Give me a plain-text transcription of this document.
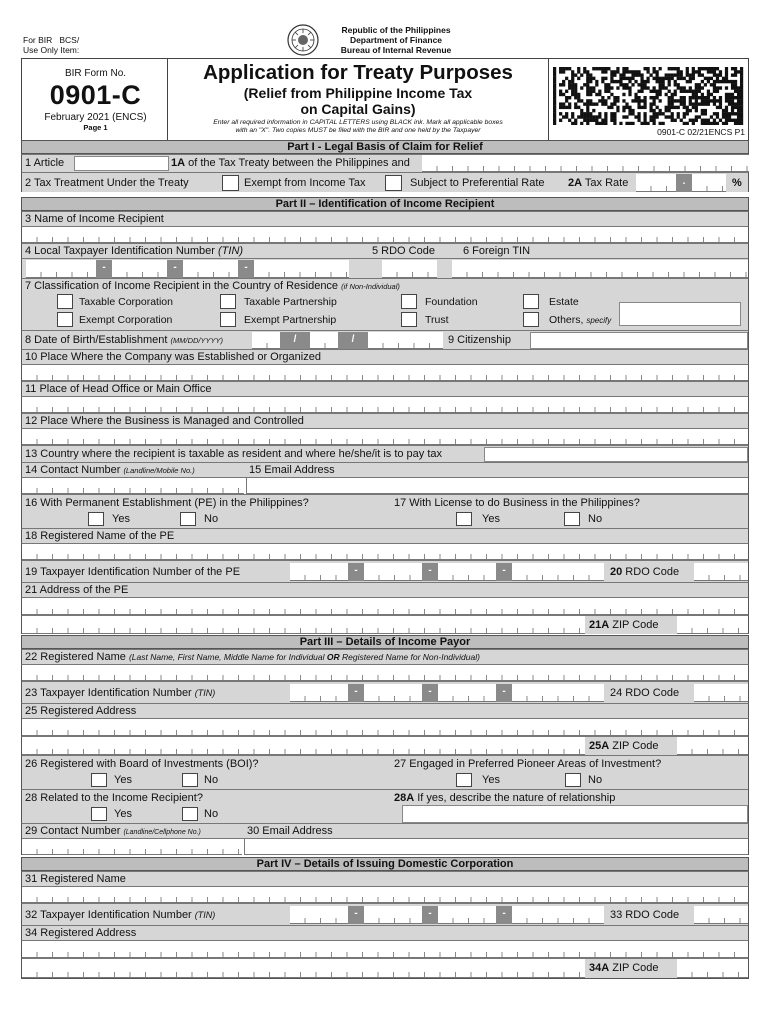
For BIR BCS/
Use Only Item:
Republic of the Philippines
Department of Finance
Bureau of Internal Revenue
BIR Form No.
0901-C
February 2021 (ENCS)
Page 1
Application for Treaty Purposes
(Relief from Philippine Income Tax
on Capital Gains)
Enter all required information in CAPITAL LETTERS using BLACK ink. Mark all applicable boxes
with an "X". Two copies MUST be filed with the BIR and one held by the Taxpayer	0901-C 02/21ENCS P1
Part I - Legal Basis of Claim for Relief
1 Article	1A of the Tax Treaty between the Philippines and
2 Tax Treatment Under the Treaty	Exempt from Income Tax	Subject to Preferential Rate 2A Tax Rate	.	%
Part II – Identification of Income Recipient
3 Name of Income Recipient
4 Local Taxpayer Identification Number (TIN)	5 RDO Code	6 Foreign TIN
-	-	-
7 Classification of Income Recipient in the Country of Residence (if Non-Individual)
Taxable Corporation	Taxable Partnership	Foundation	Estate
Exempt Corporation	Exempt Partnership	Trust	Others, specify
8 Date of Birth/Establishment (MM/DD/YYYY)	/	/	9 Citizenship
10 Place Where the Company was Established or Organized
11 Place of Head Office or Main Office
12 Place Where the Business is Managed and Controlled
13 Country where the recipient is taxable as resident and where he/she/it is to pay tax
14 Contact Number (Landline/Mobile No.)	15 Email Address
16 With Permanent Establishment (PE) in the Philippines?	17 With License to do Business in the Philippines?
Yes	No	Yes	No
18 Registered Name of the PE
19 Taxpayer Identification Number of the PE	-	-	-	20 RDO Code
21 Address of the PE
21A ZIP Code
Part III – Details of Income Payor
22 Registered Name (Last Name, First Name, Middle Name for Individual OR Registered Name for Non-Individual)
23 Taxpayer Identification Number (TIN)	-	-	-	24 RDO Code
25 Registered Address
25A ZIP Code
26 Registered with Board of Investments (BOI)?	27 Engaged in Preferred Pioneer Areas of Investment?
Yes	No	Yes	No
28 Related to the Income Recipient?	28A If yes, describe the nature of relationship
Yes	No
29 Contact Number (Landline/Cellphone No.)	30 Email Address
Part IV – Details of Issuing Domestic Corporation
31 Registered Name
32 Taxpayer Identification Number (TIN)	-	-	-	33 RDO Code
34 Registered Address
34A ZIP Code
